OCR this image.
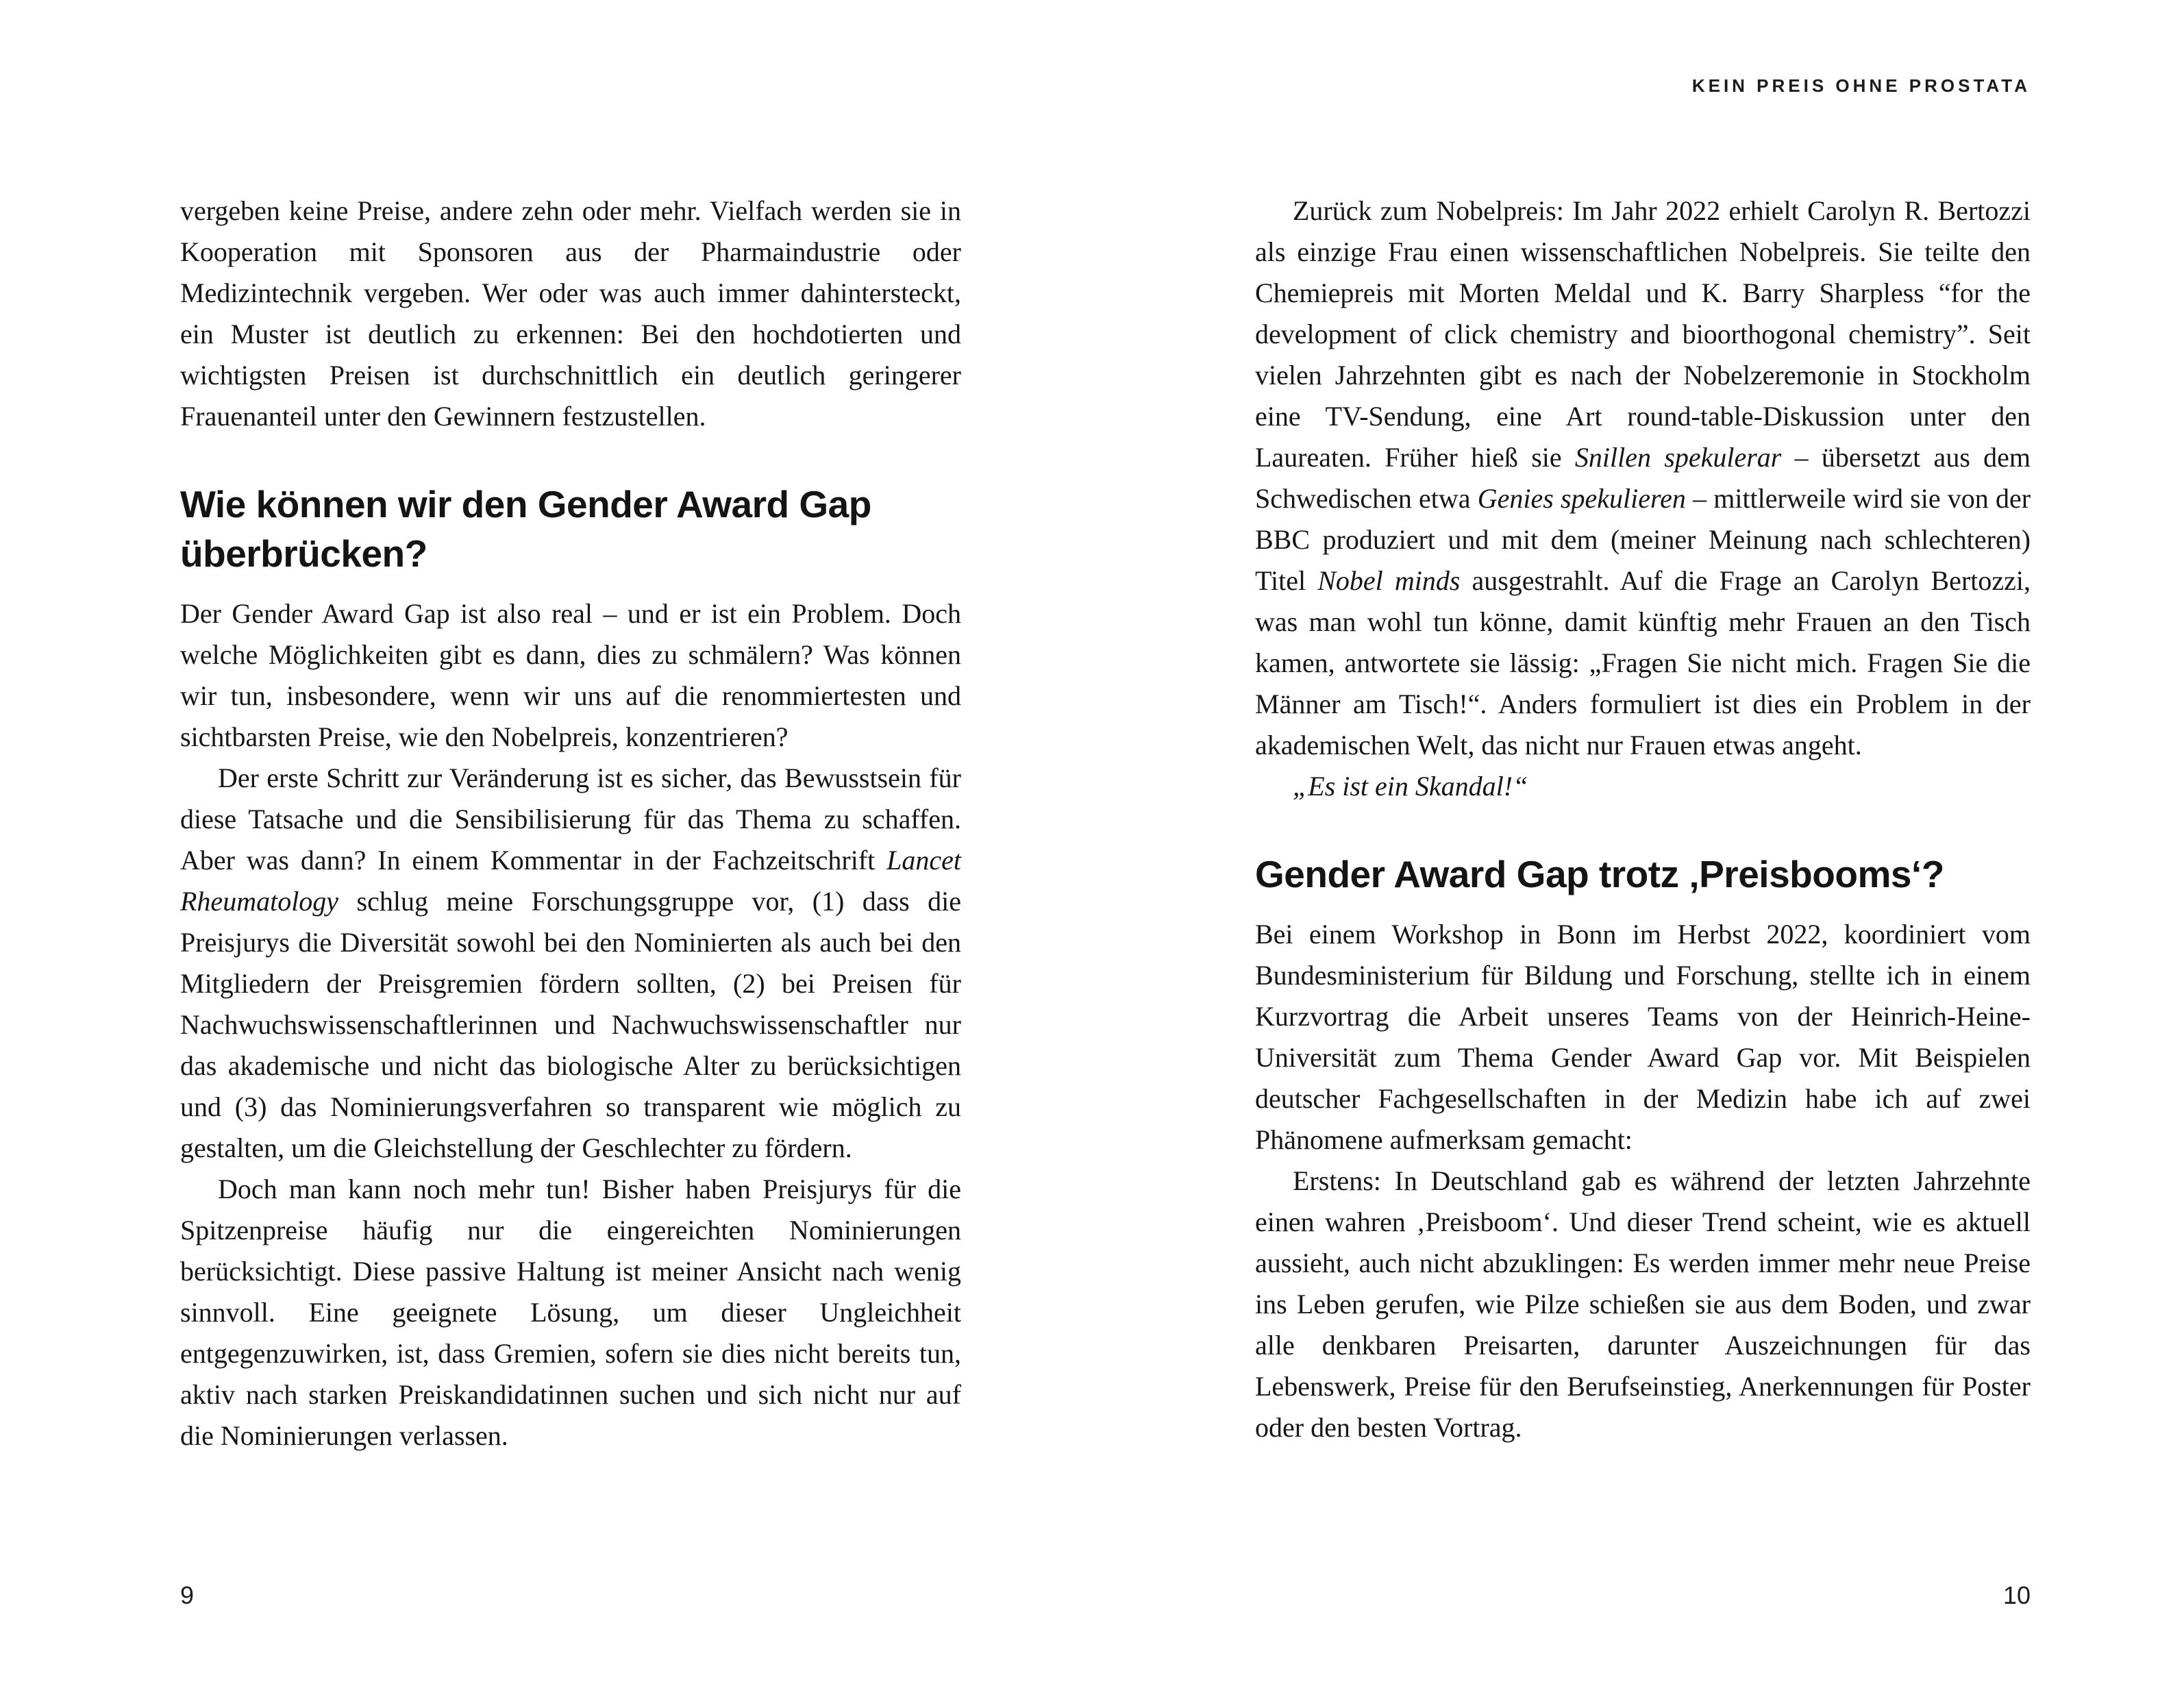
KEIN PREIS OHNE PROSTATA

vergeben keine Preise, andere zehn oder mehr. Vielfach werden sie in Kooperation mit Sponsoren aus der Pharmaindustrie oder Medizintechnik vergeben. Wer oder was auch immer dahintersteckt, ein Muster ist deutlich zu erkennen: Bei den hochdotierten und wichtigsten Preisen ist durchschnittlich ein deutlich geringerer Frauenanteil unter den Gewinnern festzustellen.

Wie können wir den Gender Award Gap überbrücken?

Der Gender Award Gap ist also real – und er ist ein Problem. Doch welche Möglichkeiten gibt es dann, dies zu schmälern? Was können wir tun, insbesondere, wenn wir uns auf die renommiertesten und sichtbarsten Preise, wie den Nobelpreis, konzentrieren?

Der erste Schritt zur Veränderung ist es sicher, das Bewusstsein für diese Tatsache und die Sensibilisierung für das Thema zu schaffen. Aber was dann? In einem Kommentar in der Fachzeitschrift Lancet Rheumatology schlug meine Forschungsgruppe vor, (1) dass die Preisjurys die Diversität sowohl bei den Nominierten als auch bei den Mitgliedern der Preisgremien fördern sollten, (2) bei Preisen für Nachwuchswissenschaftlerinnen und Nachwuchswissenschaftler nur das akademische und nicht das biologische Alter zu berücksichtigen und (3) das Nominierungsverfahren so transparent wie möglich zu gestalten, um die Gleichstellung der Geschlechter zu fördern.

Doch man kann noch mehr tun! Bisher haben Preisjurys für die Spitzenpreise häufig nur die eingereichten Nominierungen berücksichtigt. Diese passive Haltung ist meiner Ansicht nach wenig sinnvoll. Eine geeignete Lösung, um dieser Ungleichheit entgegenzuwirken, ist, dass Gremien, sofern sie dies nicht bereits tun, aktiv nach starken Preiskandidatinnen suchen und sich nicht nur auf die Nominierungen verlassen.

Zurück zum Nobelpreis: Im Jahr 2022 erhielt Carolyn R. Bertozzi als einzige Frau einen wissenschaftlichen Nobelpreis. Sie teilte den Chemiepreis mit Morten Meldal und K. Barry Sharpless “for the development of click chemistry and bioorthogonal chemistry”. Seit vielen Jahrzehnten gibt es nach der Nobelzeremonie in Stockholm eine TV-Sendung, eine Art round-table-Diskussion unter den Laureaten. Früher hieß sie Snillen spekulerar – übersetzt aus dem Schwedischen etwa Genies spekulieren – mittlerweile wird sie von der BBC produziert und mit dem (meiner Meinung nach schlechteren) Titel Nobel minds ausgestrahlt. Auf die Frage an Carolyn Bertozzi, was man wohl tun könne, damit künftig mehr Frauen an den Tisch kamen, antwortete sie lässig: „Fragen Sie nicht mich. Fragen Sie die Männer am Tisch!“. Anders formuliert ist dies ein Problem in der akademischen Welt, das nicht nur Frauen etwas angeht.

„Es ist ein Skandal!“

Gender Award Gap trotz ‚Preisbooms‘?

Bei einem Workshop in Bonn im Herbst 2022, koordiniert vom Bundesministerium für Bildung und Forschung, stellte ich in einem Kurzvortrag die Arbeit unseres Teams von der Heinrich-Heine-Universität zum Thema Gender Award Gap vor. Mit Beispielen deutscher Fachgesellschaften in der Medizin habe ich auf zwei Phänomene aufmerksam gemacht:

Erstens: In Deutschland gab es während der letzten Jahrzehnte einen wahren ‚Preisboom‘. Und dieser Trend scheint, wie es aktuell aussieht, auch nicht abzuklingen: Es werden immer mehr neue Preise ins Leben gerufen, wie Pilze schießen sie aus dem Boden, und zwar alle denkbaren Preisarten, darunter Auszeichnungen für das Lebenswerk, Preise für den Berufseinstieg, Anerkennungen für Poster oder den besten Vortrag.

9	10
